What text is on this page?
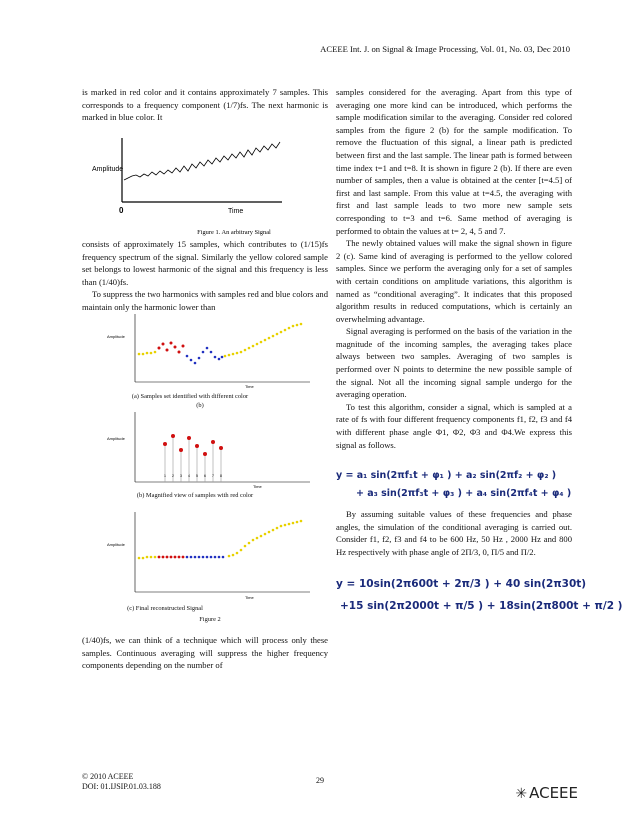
ACEEE Int. J. on Signal & Image Processing, Vol. 01, No. 03, Dec 2010

is marked in red color and it contains approximately 7 samples. This corresponds to a frequency component (1/7)fs. The next harmonic is marked in blue color. It

Amplitude
Time
0
Figure 1. An arbitrary Signal

consists of approximately 15 samples, which contributes to (1/15)fs frequency spectrum of the signal. Similarly the yellow colored sample set belongs to lowest harmonic of the signal and this frequency is less than (1/40)fs.

To suppress the two harmonics with samples red and blue colors and maintain only the harmonic lower than

Amplitude
Time
(a) Samples set identified with different color
(b)
Amplitude
Time
1 2 3 4 5 6 7 8
(b) Magnified view of samples with red color
Amplitude
Time
(c) Final reconstructed Signal
Figure 2

(1/40)fs, we can think of a technique which will process only these samples. Continuous averaging will suppress the higher frequency components depending on the number of

samples considered for the averaging. Apart from this type of averaging one more kind can be introduced, which performs the sample modification similar to the averaging. Consider red colored samples from the figure 2 (b) for the sample modification. To remove the fluctuation of this signal, a linear path is predicted between first and the last sample. The linear path is formed between time index t=1 and t=8. It is shown in figure 2 (b). If there are even number of samples, then a value is obtained at the center [t=4.5] of first and last sample. From this value at t=4.5, the averaging with first and last sample leads to two more new sample sets corresponding to t=3 and t=6. Same method of averaging is performed to obtain the values at t= 2, 4, 5 and 7.

The newly obtained values will make the signal shown in figure 2 (c). Same kind of averaging is performed to the yellow colored samples. Since we perform the averaging only for a set of samples with certain conditions on amplitude variations, this algorithm is named as “conditional averaging”. It indicates that this proposed algorithm results in reduced computations, which is certainly an overwhelming advantage.

Signal averaging is performed on the basis of the variation in the magnitude of the incoming samples, the averaging takes place always between two samples. Averaging of two samples is performed over N points to determine the new possible sample of the signal. Not all the incoming signal sample undergo for the averaging operation.

To test this algorithm, consider a signal, which is sampled at a rate of fs with four different frequency components f1, f2, f3 and f4 with different phase angle Φ1, Φ2, Φ3 and Φ4.We express this signal as follows.

y = a₁ sin(2πf₁t + φ₁ ) + a₂ sin(2πf₂ + φ₂ )
+ a₃ sin(2πf₃t + φ₃ ) + a₄ sin(2πf₄t + φ₄ )

By assuming suitable values of these frequencies and phase angles, the simulation of the conditional averaging is carried out. Consider f1, f2, f3 and f4 to be 600 Hz, 50 Hz , 2000 Hz and 800 Hz respectively with phase angle of 2Π/3, 0, Π/5 and Π/2.

y = 10sin(2π600t + 2π/3 ) + 40 sin(2π30t)
+15 sin(2π2000t + π/5 ) + 18sin(2π800t + π/2 )
© 2010 ACEEE
DOI: 01.IJSIP.01.03.188
29
✳ ACEEE
